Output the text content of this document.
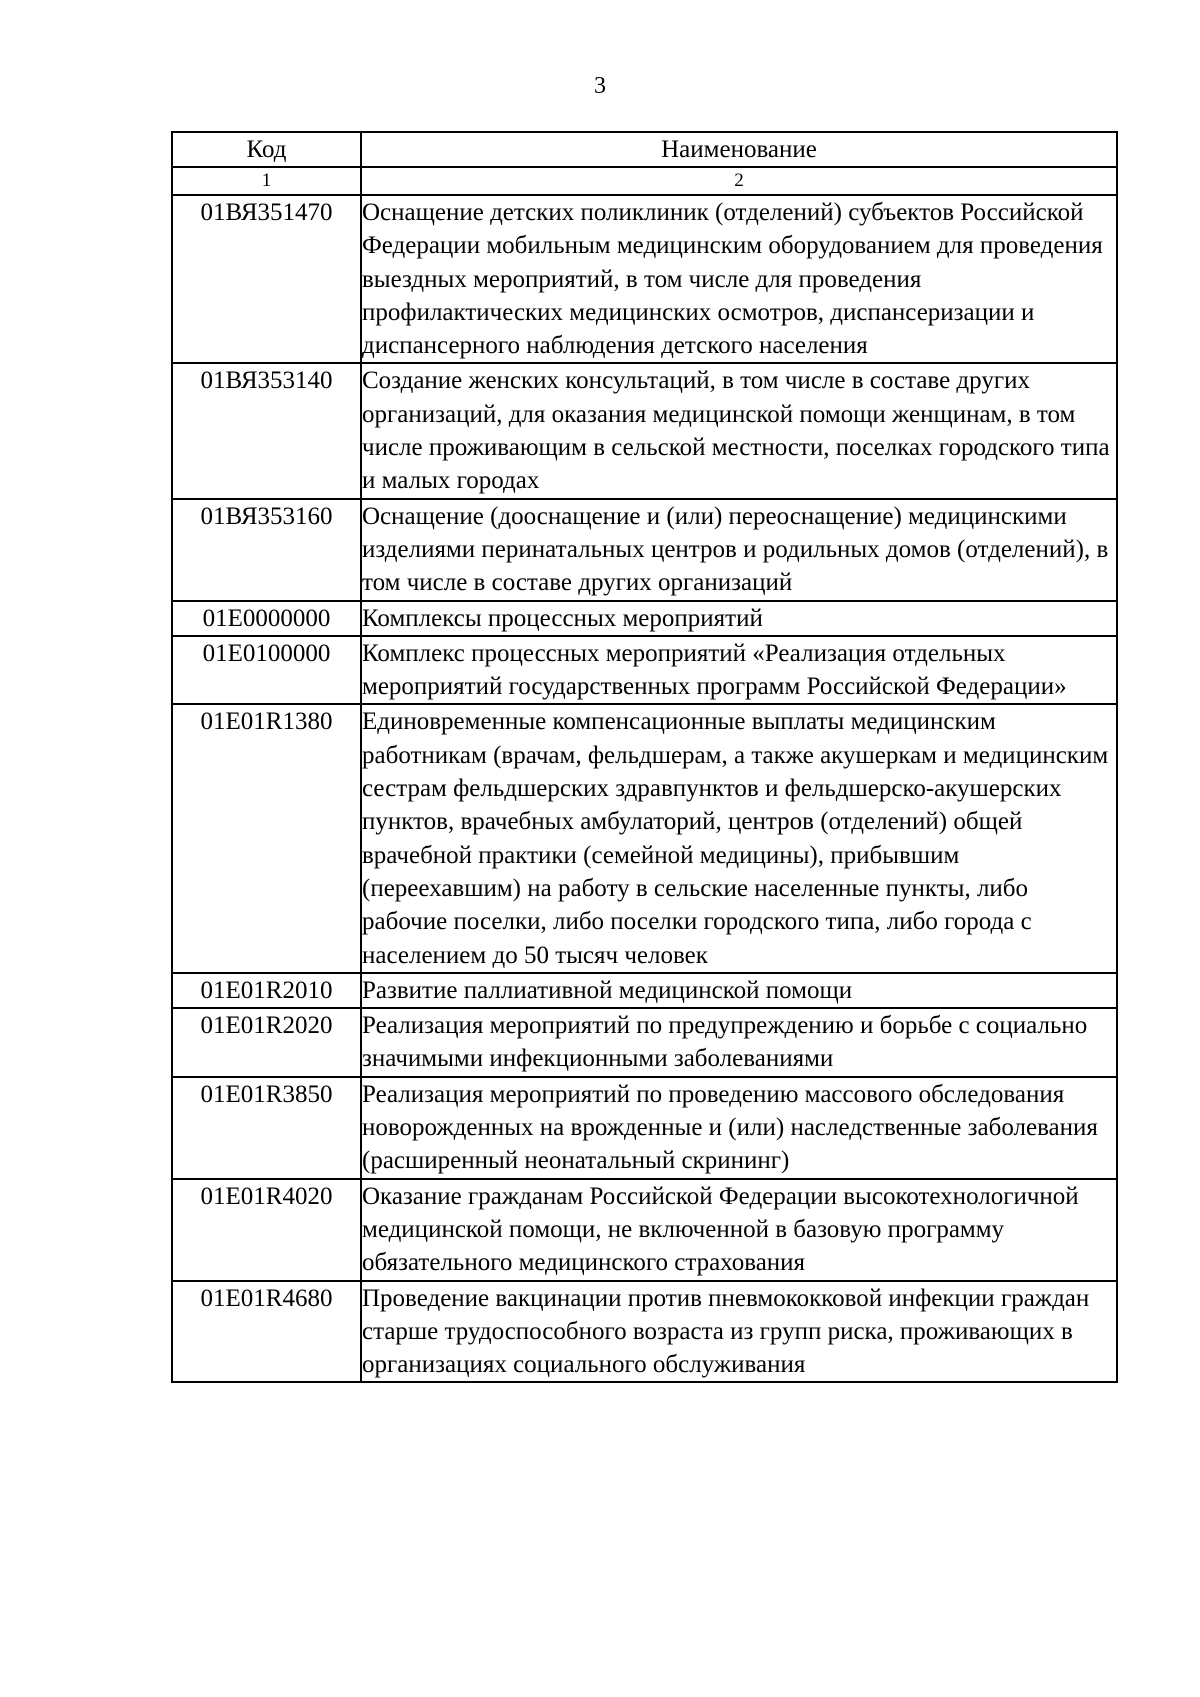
3
Код	Наименование
1	2
01ВЯ351470	Оснащение детских поликлиник (отделений) субъектов Российской Федерации мобильным медицинским оборудованием для проведения выездных мероприятий, в том числе для проведения профилактических медицинских осмотров, диспансеризации и диспансерного наблюдения детского населения
01ВЯ353140	Создание женских консультаций, в том числе в составе других организаций, для оказания медицинской помощи женщинам, в том числе проживающим в сельской местности, поселках городского типа и малых городах
01ВЯ353160	Оснащение (дооснащение и (или) переоснащение) медицинскими изделиями перинатальных центров и родильных домов (отделений), в том числе в составе других организаций
01Е0000000	Комплексы процессных мероприятий
01Е0100000	Комплекс процессных мероприятий «Реализация отдельных мероприятий государственных программ Российской Федерации»
01Е01R1380	Единовременные компенсационные выплаты медицинским работникам (врачам, фельдшерам, а также акушеркам и медицинским сестрам фельдшерских здравпунктов и фельдшерско-акушерских пунктов, врачебных амбулаторий, центров (отделений) общей врачебной практики (семейной медицины), прибывшим (переехавшим) на работу в сельские населенные пункты, либо рабочие поселки, либо поселки городского типа, либо города с населением до 50 тысяч человек
01Е01R2010	Развитие паллиативной медицинской помощи
01Е01R2020	Реализация мероприятий по предупреждению и борьбе с социально значимыми инфекционными заболеваниями
01Е01R3850	Реализация мероприятий по проведению массового обследования новорожденных на врожденные и (или) наследственные заболевания (расширенный неонатальный скрининг)
01Е01R4020	Оказание гражданам Российской Федерации высокотехнологичной медицинской помощи, не включенной в базовую программу обязательного медицинского страхования
01Е01R4680	Проведение вакцинации против пневмококковой инфекции граждан старше трудоспособного возраста из групп риска, проживающих в организациях социального обслуживания
